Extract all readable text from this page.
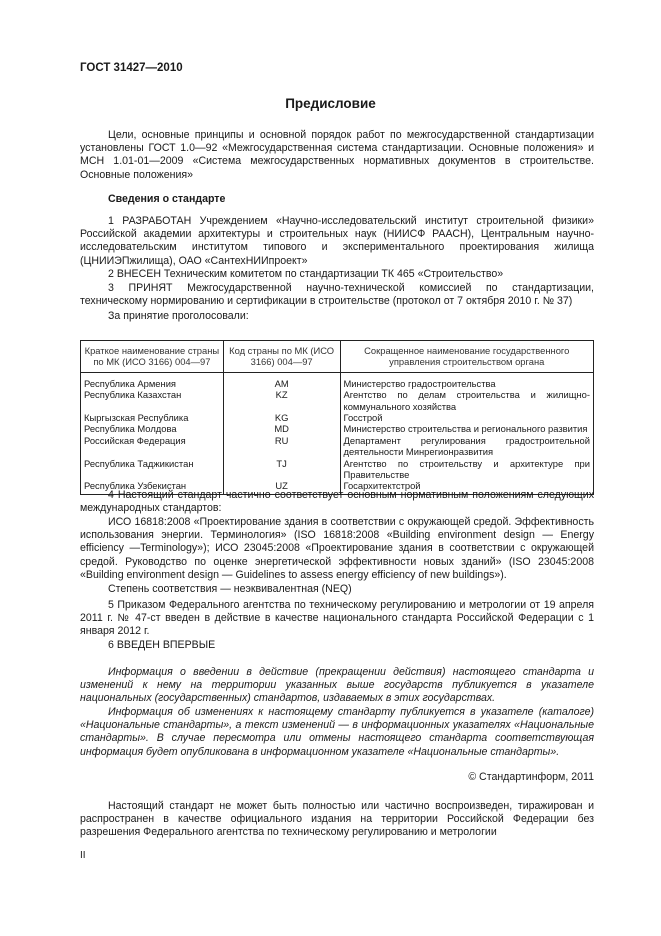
ГОСТ 31427—2010
Предисловие
Цели, основные принципы и основной порядок работ по межгосударственной стандартизации установлены ГОСТ 1.0—92 «Межгосударственная система стандартизации. Основные положения» и МСН 1.01-01—2009 «Система межгосударственных нормативных документов в строительстве. Основные положения»
Сведения о стандарте
1 РАЗРАБОТАН Учреждением «Научно-исследовательский институт строительной физики» Российской академии архитектуры и строительных наук (НИИСФ РААСН), Центральным научно-исследовательским институтом типового и экспериментального проектирования жилища (ЦНИИЭПжилища), ОАО «СантехНИИпроект»
2 ВНЕСЕН Техническим комитетом по стандартизации ТК 465 «Строительство»
3 ПРИНЯТ Межгосударственной научно-технической комиссией по стандартизации, техническому нормированию и сертификации в строительстве (протокол от 7 октября 2010 г. № 37)
За принятие проголосовали:
Краткое наименование страны по МК (ИСО 3166) 004—97	Код страны по МК (ИСО 3166) 004—97	Сокращенное наименование государственного управления строительством органа
Республика Армения	AM	Министерство градостроительства
Республика Казахстан	KZ	Агентство по делам строительства и жилищно-коммунального хозяйства
Кыргызская Республика	KG	Госстрой
Республика Молдова	MD	Министерство строительства и регионального развития
Российская Федерация	RU	Департамент регулирования градостроительной деятельности Минрегионразвития
Республика Таджикистан	TJ	Агентство по строительству и архитектуре при Правительстве
Республика Узбекистан	UZ	Госархитектстрой
4 Настоящий стандарт частично соответствует основным нормативным положениям следующих международных стандартов:
ИСО 16818:2008 «Проектирование здания в соответствии с окружающей средой. Эффективность использования энергии. Терминология» (ISO 16818:2008 «Building environment design — Energy efficiency —Terminology»); ИСО 23045:2008 «Проектирование здания в соответствии с окружающей средой. Руководство по оценке энергетической эффективности новых зданий» (ISO 23045:2008 «Building environment design — Guidelines to assess energy efficiency of new buildings»).
Степень соответствия — неэквивалентная (NEQ)
5 Приказом Федерального агентства по техническому регулированию и метрологии от 19 апреля 2011 г. № 47-ст введен в действие в качестве национального стандарта Российской Федерации с 1 января 2012 г.
6 ВВЕДЕН ВПЕРВЫЕ
Информация о введении в действие (прекращении действия) настоящего стандарта и изменений к нему на территории указанных выше государств публикуется в указателе национальных (государственных) стандартов, издаваемых в этих государствах.
Информация об изменениях к настоящему стандарту публикуется в указателе (каталоге) «Национальные стандарты», а текст изменений — в информационных указателях «Национальные стандарты». В случае пересмотра или отмены настоящего стандарта соответствующая информация будет опубликована в информационном указателе «Национальные стандарты».
© Стандартинформ, 2011
Настоящий стандарт не может быть полностью или частично воспроизведен, тиражирован и распространен в качестве официального издания на территории Российской Федерации без разрешения Федерального агентства по техническому регулированию и метрологии
II
